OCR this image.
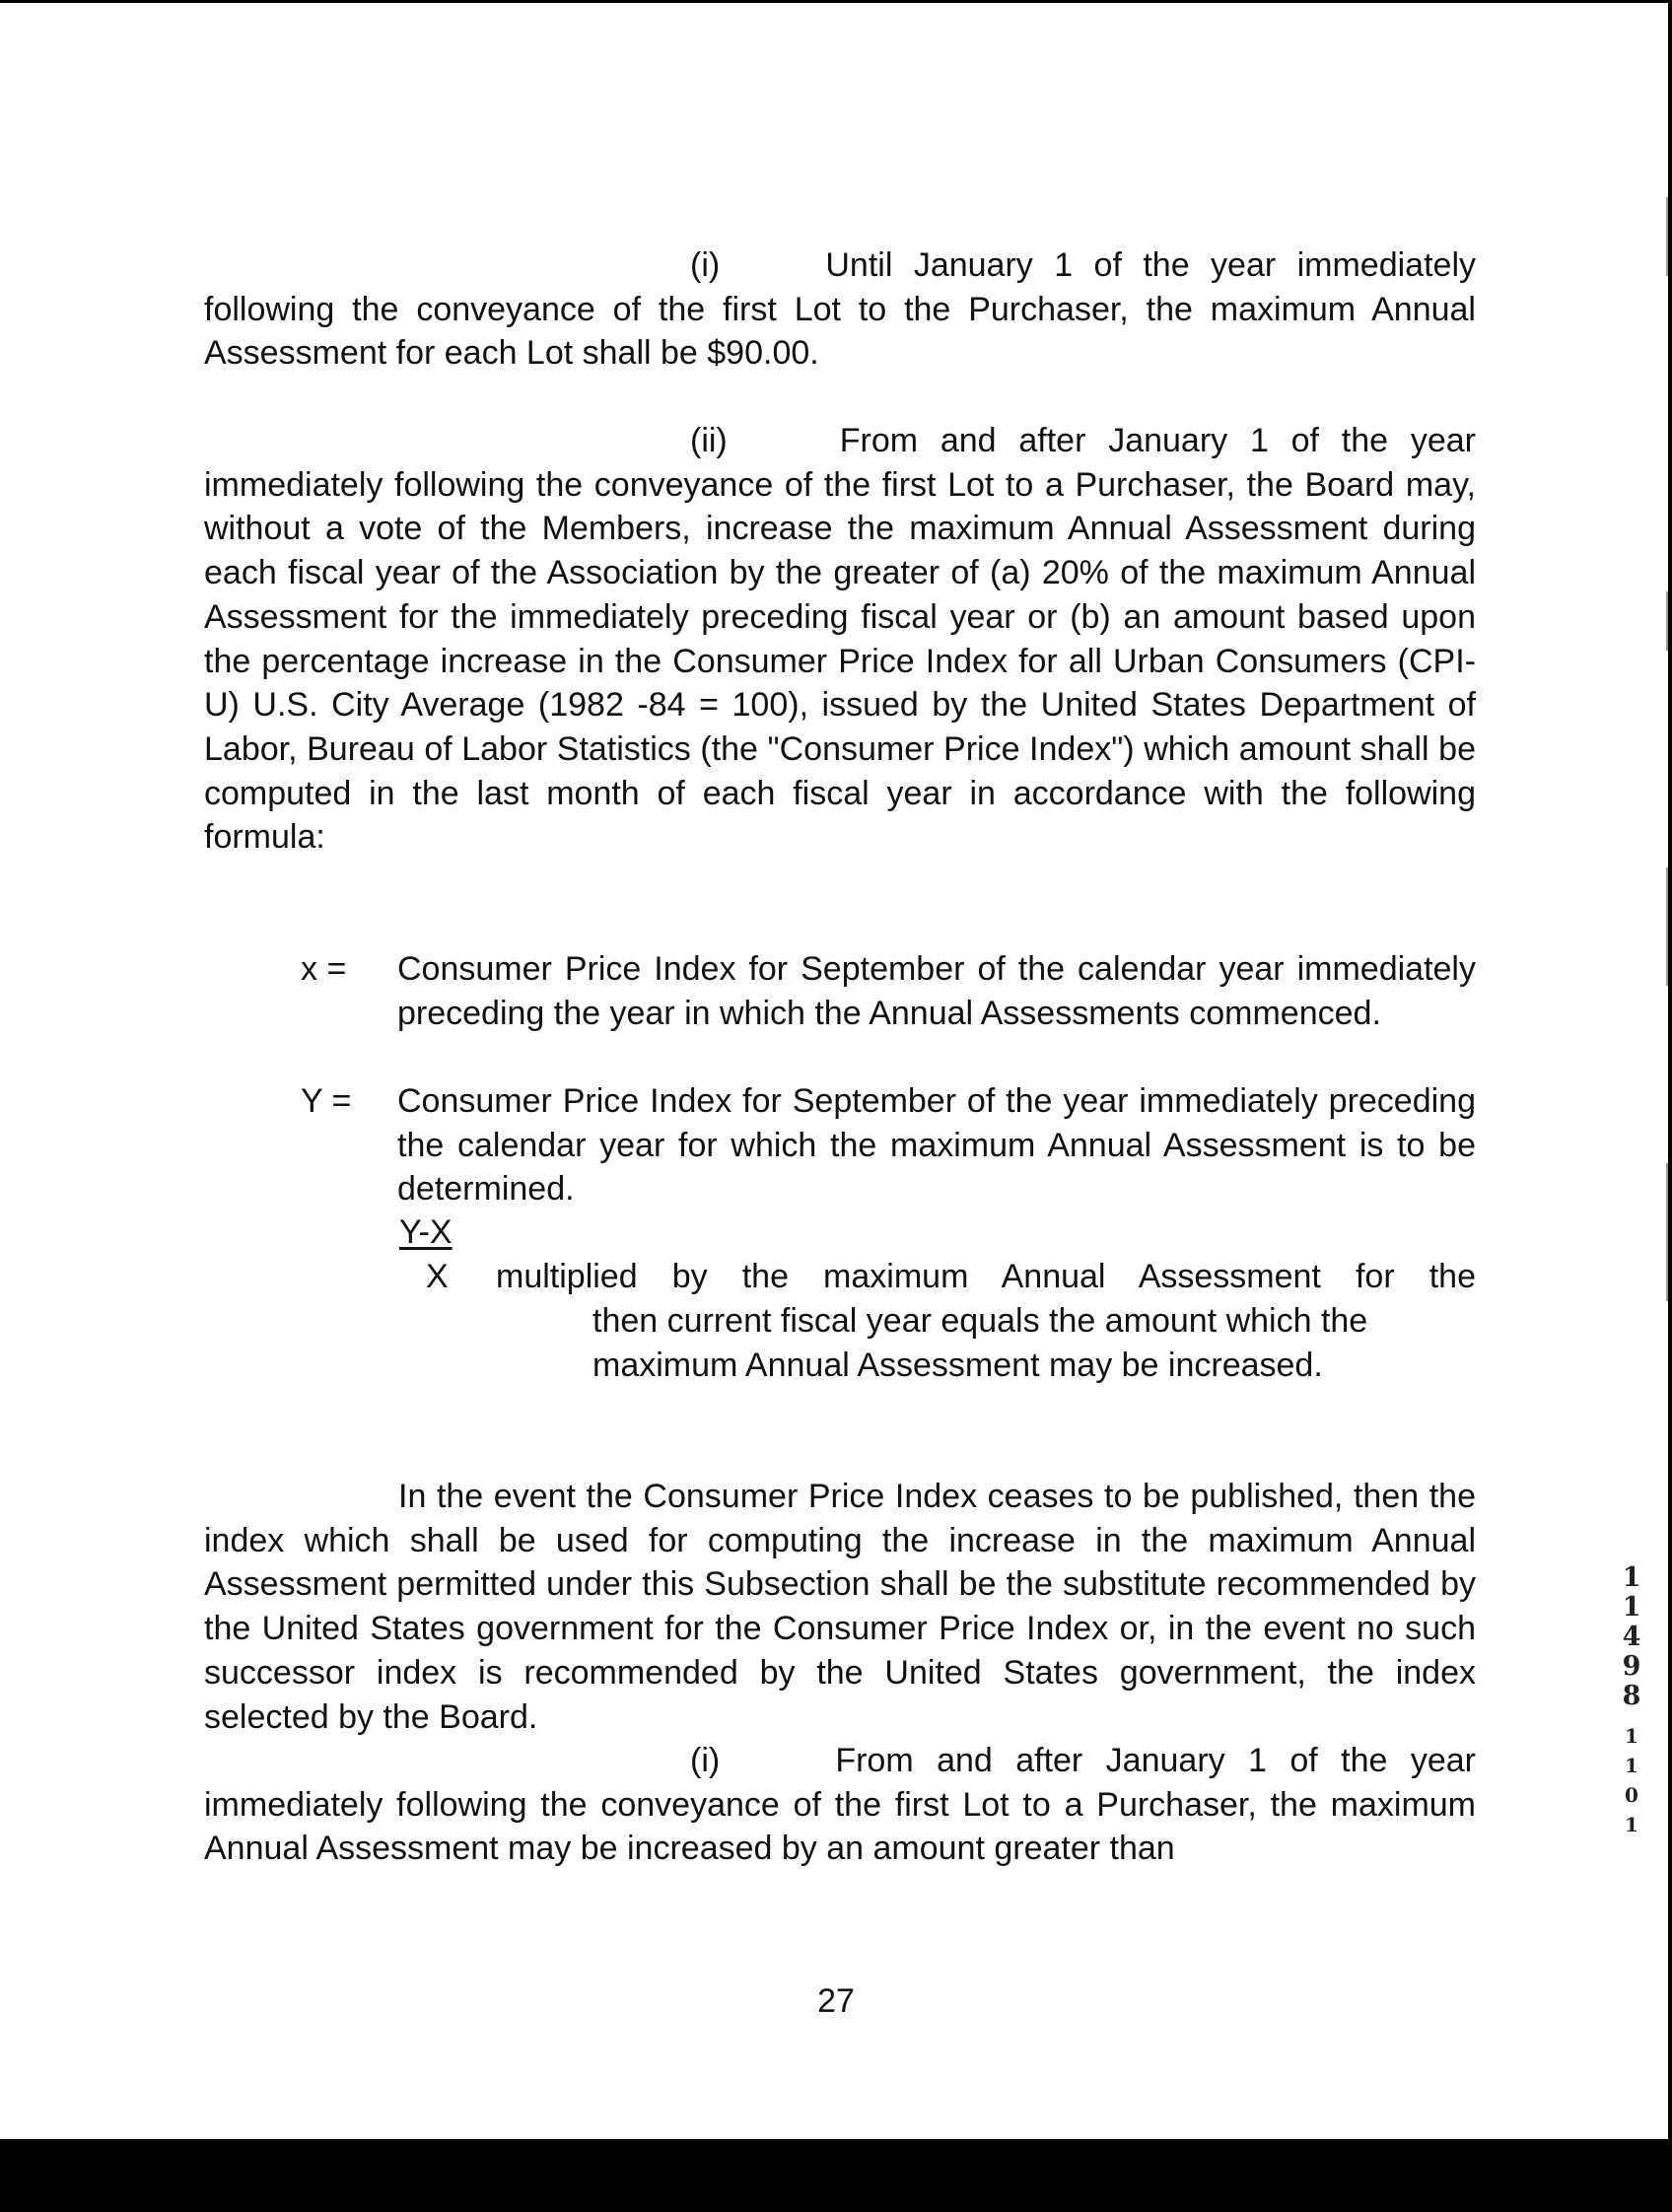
(i)	Until January 1 of the year immediately following the conveyance of the first Lot to the Purchaser, the maximum Annual Assessment for each Lot shall be $90.00.

(ii)	From and after January 1 of the year immediately following the conveyance of the first Lot to a Purchaser, the Board may, without a vote of the Members, increase the maximum Annual Assessment during each fiscal year of the Association by the greater of (a) 20% of the maximum Annual Assessment for the immediately preceding fiscal year or (b) an amount based upon the percentage increase in the Consumer Price Index for all Urban Consumers (CPI-U) U.S. City Average (1982 -84 = 100), issued by the United States Department of Labor, Bureau of Labor Statistics (the "Consumer Price Index") which amount shall be computed in the last month of each fiscal year in accordance with the following formula:

x = Consumer Price Index for September of the calendar year immediately preceding the year in which the Annual Assessments commenced.

Y = Consumer Price Index for September of the year immediately preceding the calendar year for which the maximum Annual Assessment is to be determined.

Y-X
X multiplied by the maximum Annual Assessment for the

then current fiscal year equals the amount which the

maximum Annual Assessment may be increased.

In the event the Consumer Price Index ceases to be published, then the index which shall be used for computing the increase in the maximum Annual Assessment permitted under this Subsection shall be the substitute recommended by the United States government for the Consumer Price Index or, in the event no such successor index is recommended by the United States government, the index selected by the Board.

(i)	From and after January 1 of the year immediately following the conveyance of the first Lot to a Purchaser, the maximum Annual Assessment may be increased by an amount greater than

27
1
1
4
9
8
1
1
0
1
